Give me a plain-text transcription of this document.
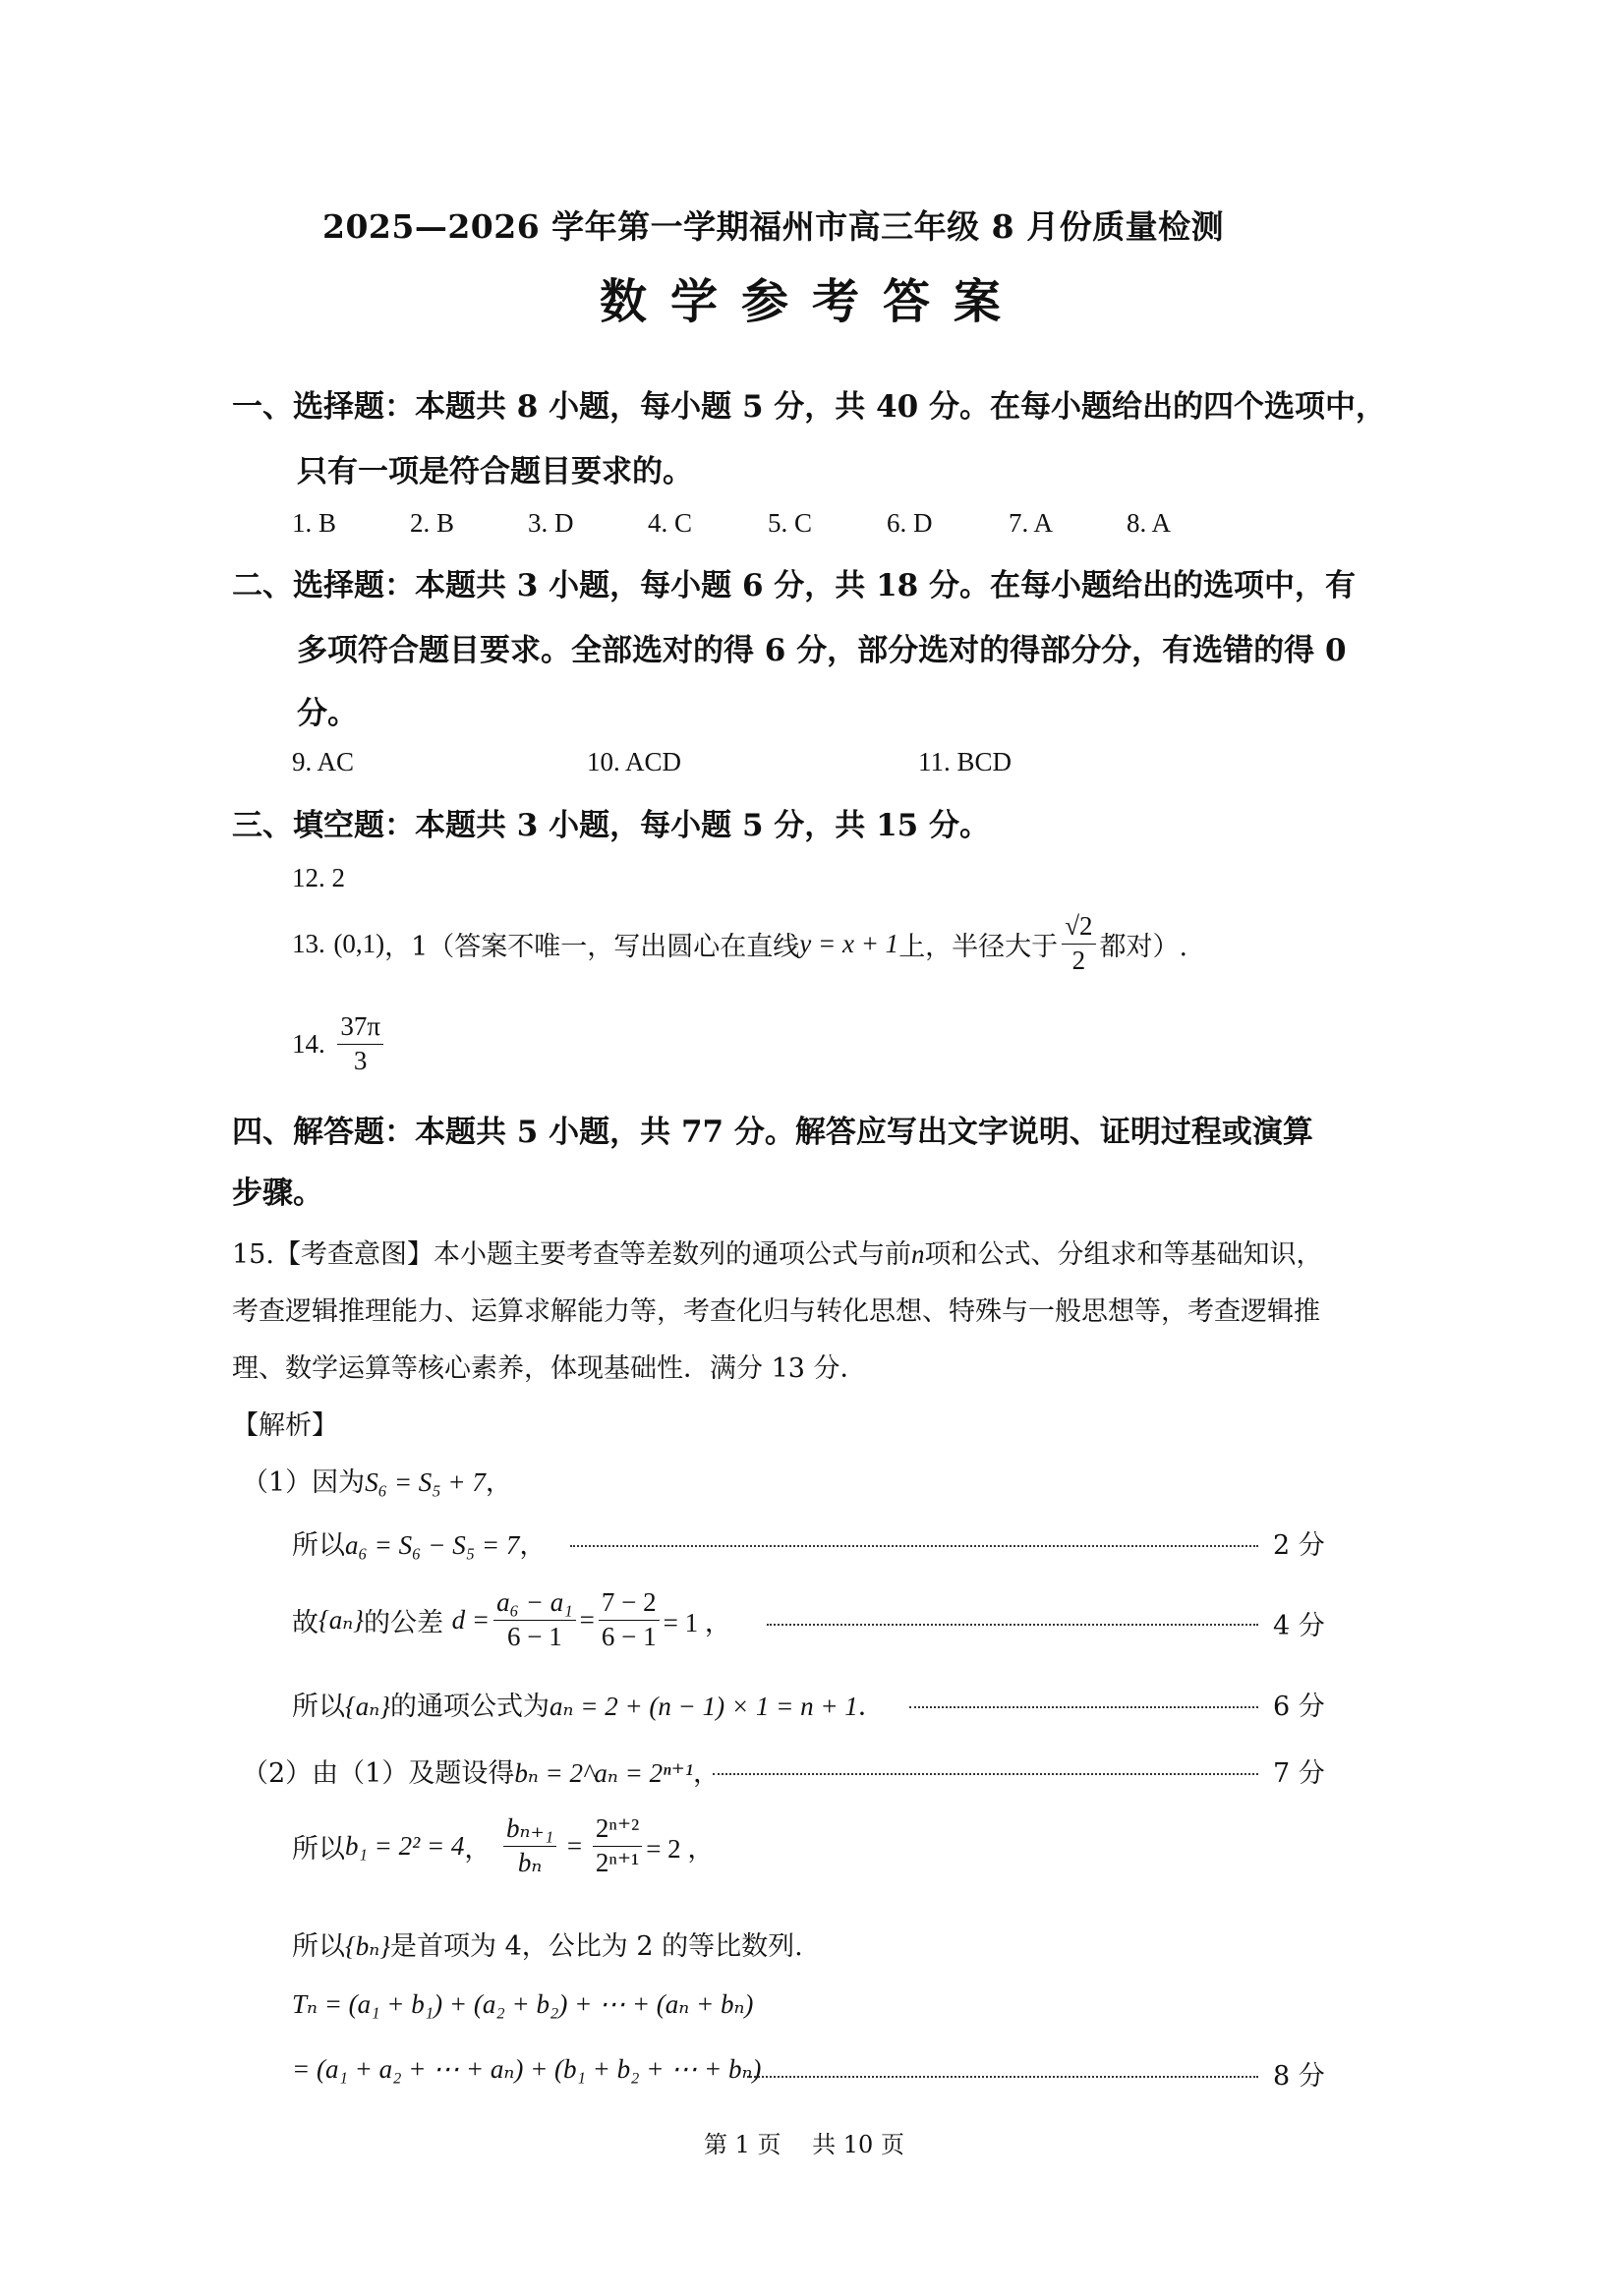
2025—2026 学年第一学期福州市高三年级 8 月份质量检测
数学参考答案
一、选择题：本题共 8 小题，每小题 5 分，共 40 分。在每小题给出的四个选项中，
只有一项是符合题目要求的。
1. B	2. B	3. D	4. C	5. C	6. D	7. A	8. A
二、选择题：本题共 3 小题，每小题 6 分，共 18 分。在每小题给出的选项中，有
多项符合题目要求。全部选对的得 6 分，部分选对的得部分分，有选错的得 0
分。
9. AC	10. ACD	11. BCD
三、填空题：本题共 3 小题，每小题 5 分，共 15 分。
12. 2
13.
(0,1) ，1（答案不唯一，写出圆心在直线 y = x + 1 上，半径大于 $\frac{√2}{2}$ 都对）.
14.
$\frac{37\pi}{3}$
四、解答题：本题共 5 小题，共 77 分。解答应写出文字说明、证明过程或演算
步骤。
15.【考查意图】本小题主要考查等差数列的通项公式与前n项和公式、分组求和等基础知识，
考查逻辑推理能力、运算求解能力等，考查化归与转化思想、特殊与一般思想等，考查逻辑推
理、数学运算等核心素养，体现基础性．满分 13 分．
【解析】
（1）因为S₆ = S₅ + 7，
所以a₆ = S₆ − S₅ = 7，	2 分
故 {aₙ} 的公差
$d = \frac{\text{a₆ − a₁}}{6 - 1} = \frac{7 - 2}{6 - 1} = 1$ ，	4 分
所以{aₙ}的通项公式为aₙ = 2 + (n − 1) × 1 = n + 1．	6 分
（2）由（1）及题设得bₙ = 2^aₙ = 2ⁿ⁺¹，	7 分
所以 b₁ = 2² = 4 ，
$\frac{\text{bₙ₊₁}}{\text{bₙ}} = \frac{\text{2ⁿ⁺²}}{\text{2ⁿ⁺¹}} = 2$ ，
所以{bₙ}是首项为 4，公比为 2 的等比数列.
Tₙ = (a₁ + b₁) + (a₂ + b₂) + ⋯ + (aₙ + bₙ)
= (a₁ + a₂ + ⋯ + aₙ) + (b₁ + b₂ + ⋯ + bₙ)	8 分
第 1 页　 共 10 页
